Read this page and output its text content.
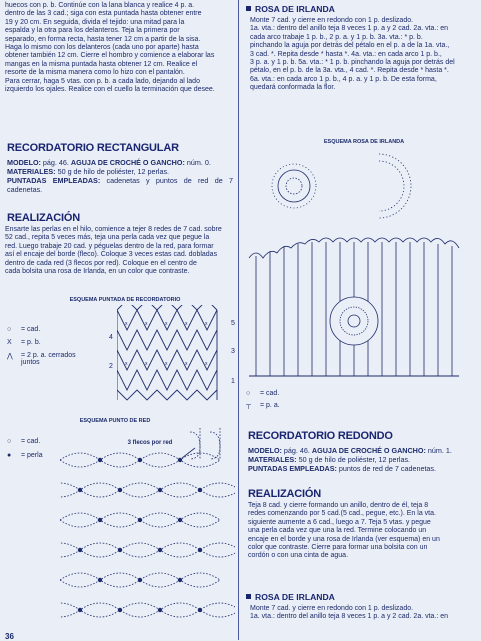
huecos con p. b. Continúe con la lana blanca y realice 4 p. a.

dentro de las 3 cad.; siga con esta puntada hasta obtener entre

19 y 20 cm. En seguida, divida el tejido: una mitad para la

espalda y la otra para los delanteros. Teja la primera por

separado, en forma recta, hasta tener 12 cm a partir de la sisa.

Haga lo mismo con los delanteros (cada uno por aparte) hasta

obtener también 12 cm. Cierre el hombro y comience a elaborar las

mangas en la misma puntada hasta obtener 12 cm. Realice el

resorte de la misma manera como lo hizo con el pantalón.

Para cerrar, haga 5 vtas. con p. b. a cada lado, dejando al lado

izquierdo los ojales. Realice con el cuello la terminación que desee.

RECORDATORIO RECTANGULAR

MODELO: pág. 46. AGUJA DE CROCHÉ O GANCHO: núm. 0.

MATERIALES: 50 g de hilo de poliéster, 12 perlas.

PUNTADAS EMPLEADAS: cadenetas y puntos de red de 7 cadenetas.

REALIZACIÓN

Ensarte las perlas en el hilo, comience a tejer 8 redes de 7 cad. sobre

52 cad., repita 5 veces más, teja una perla cada vez que pegue la

red. Luego trabaje 20 cad. y péguelas dentro de la red, para formar

así el encaje del borde (fleco). Coloque 3 veces estas cad. dobladas

dentro de cada red (3 flecos por red). Coloque en el centro de

cada bolsita una rosa de Irlanda, en un color que contraste.

ESQUEMA PUNTADA DE RECORDATORIO
x	x	x	x	x
x	x	x	x	x
5
3
1
4
2
○ = cad.
X = p. b.
⋀ = 2 p. a. cerrados juntos
ESQUEMA PUNTO DE RED
3 flecos por red
○ = cad.
● = perla
36
ROSA DE IRLANDA

Monte 7 cad. y cierre en redondo con 1 p. deslizado.

1a. vta.: dentro del anillo teja 8 veces 1 p. a y 2 cad. 2a. vta.: en

cada arco trabaje 1 p. b., 2 p. a. y 1 p. b. 3a. vta.: * p. b.

pinchando la aguja por detrás del pétalo en el p. a de la 1a. vta.,

3 cad. *. Repita desde * hasta *. 4a. vta.: en cada arco 1 p. b.,

3 p. a. y 1 p. b. 5a. vta.: * 1 p. b. pinchando la aguja por detrás del

pétalo, en el p. b. de la 3a. vta., 4 cad. *. Repita desde * hasta *.

6a. vta.: en cada arco 1 p. b., 4 p. a. y 1 p. b. De esta forma,

quedará conformada la flor.

ESQUEMA ROSA DE IRLANDA
○ = cad.
┬ = p. a.
RECORDATORIO REDONDO

MODELO: pág. 46. AGUJA DE CROCHÉ O GANCHO: núm. 1.

MATERIALES: 50 g de hilo de poliéster, 12 perlas.

PUNTADAS EMPLEADAS: puntos de red de 7 cadenetas.

REALIZACIÓN

Teja 8 cad. y cierre formando un anillo, dentro de él, teja 8

redes comenzando por 5 cad.(5 cad., pegue, etc.). En la vta.

siguiente aumente a 6 cad., luego a 7. Teja 5 vtas. y pegue

una perla cada vez que una la red. Termine colocando un

encaje en el borde y una rosa de Irlanda (ver esquema) en un

color que contraste. Cierre para formar una bolsita con un

cordón o con una cinta de agua.

ROSA DE IRLANDA

Monte 7 cad. y cierre en redondo con 1 p. deslizado.

1a. vta.: dentro del anillo teja 8 veces 1 p. a y 2 cad. 2a. vta.: en
